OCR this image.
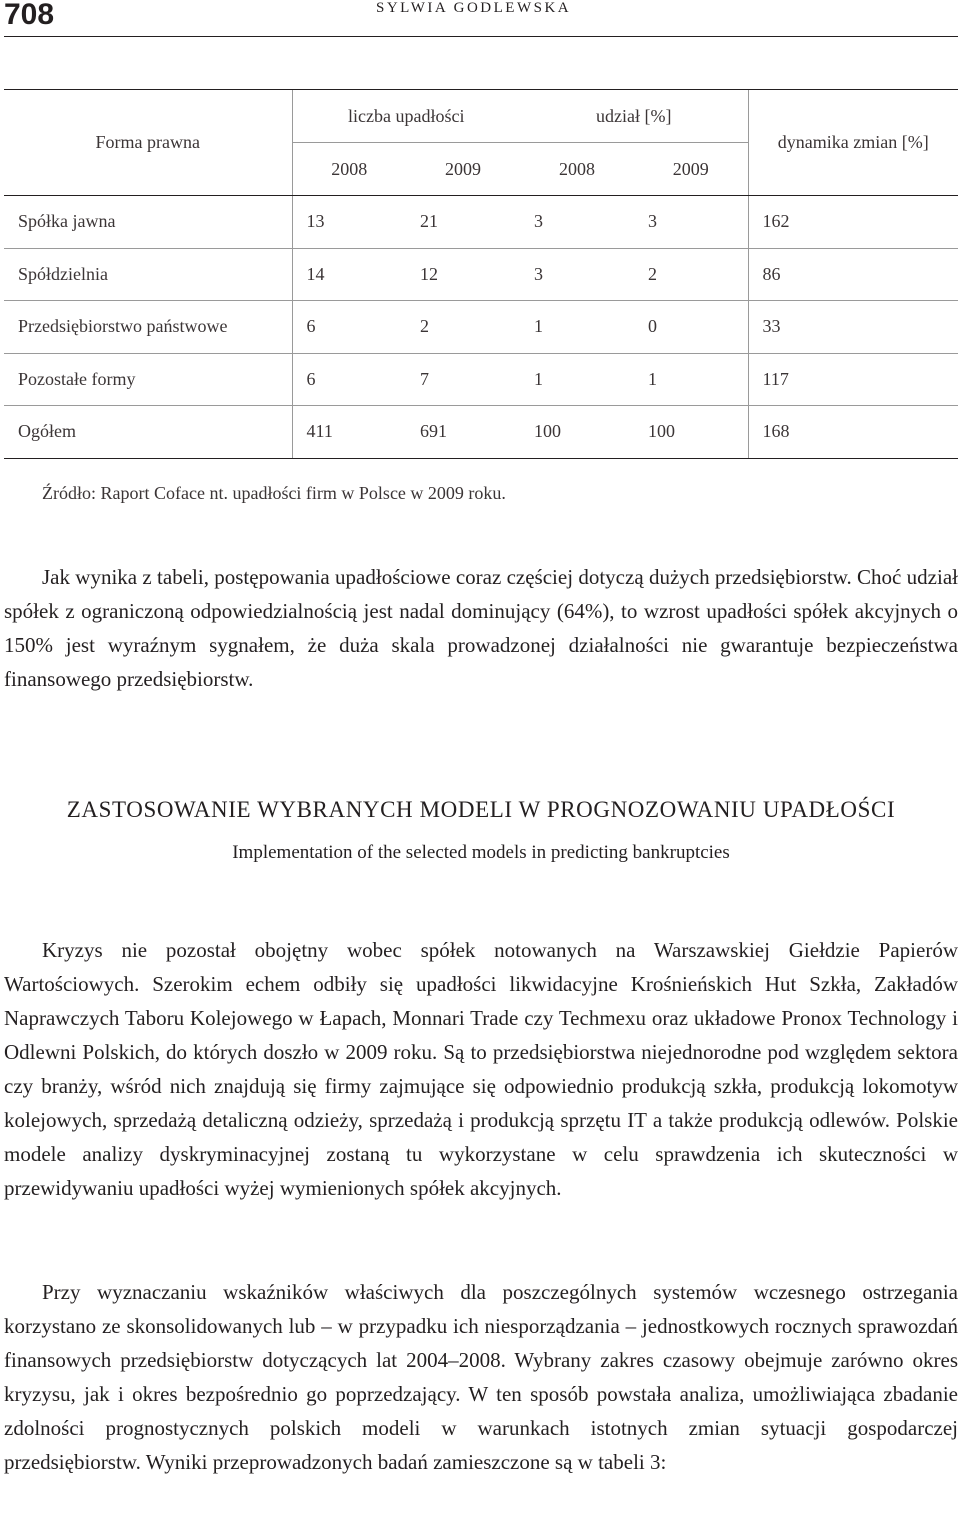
708	SYLWIA GODLEWSKA
Forma prawna	liczba upadłości		udział [%]		dynamika zmian [%]
	2008	2009	2008	2009	
Spółka jawna	13	21	3	3	162
Spółdzielnia	14	12	3	2	86
Przedsiębiorstwo państwowe	6	2	1	0	33
Pozostałe formy	6	7	1	1	117
Ogółem	411	691	100	100	168
Źródło: Raport Coface nt. upadłości firm w Polsce w 2009 roku.

Jak wynika z tabeli, postępowania upadłościowe coraz częściej dotyczą dużych przedsiębiorstw. Choć udział spółek z ograniczoną odpowiedzialnością jest nadal dominujący (64%), to wzrost upadłości spółek akcyjnych o 150% jest wyraźnym sygnałem, że duża skala prowadzonej działalności nie gwarantuje bezpieczeństwa finansowego przedsiębiorstw.

ZASTOSOWANIE WYBRANYCH MODELI W PROGNOZOWANIU UPADŁOŚCI
Implementation of the selected models in predicting bankruptcies

Kryzys nie pozostał obojętny wobec spółek notowanych na Warszawskiej Giełdzie Papierów Wartościowych. Szerokim echem odbiły się upadłości likwidacyjne Krośnieńskich Hut Szkła, Zakładów Naprawczych Taboru Kolejowego w Łapach, Monnari Trade czy Techmexu oraz układowe Pronox Technology i Odlewni Polskich, do których doszło w 2009 roku. Są to przedsiębiorstwa niejednorodne pod względem sektora czy branży, wśród nich znajdują się firmy zajmujące się odpowiednio produkcją szkła, produkcją lokomotyw kolejowych, sprzedażą detaliczną odzieży, sprzedażą i produkcją sprzętu IT a także produkcją odlewów. Polskie modele analizy dyskryminacyjnej zostaną tu wykorzystane w celu sprawdzenia ich skuteczności w przewidywaniu upadłości wyżej wymienionych spółek akcyjnych.

Przy wyznaczaniu wskaźników właściwych dla poszczególnych systemów wczesnego ostrzegania korzystano ze skonsolidowanych lub – w przypadku ich niesporządzania – jednostkowych rocznych sprawozdań finansowych przedsiębiorstw dotyczących lat 2004–2008. Wybrany zakres czasowy obejmuje zarówno okres kryzysu, jak i okres bezpośrednio go poprzedzający. W ten sposób powstała analiza, umożliwiająca zbadanie zdolności prognostycznych polskich modeli w warunkach istotnych zmian sytuacji gospodarczej przedsiębiorstw. Wyniki przeprowadzonych badań zamieszczone są w tabeli 3:
